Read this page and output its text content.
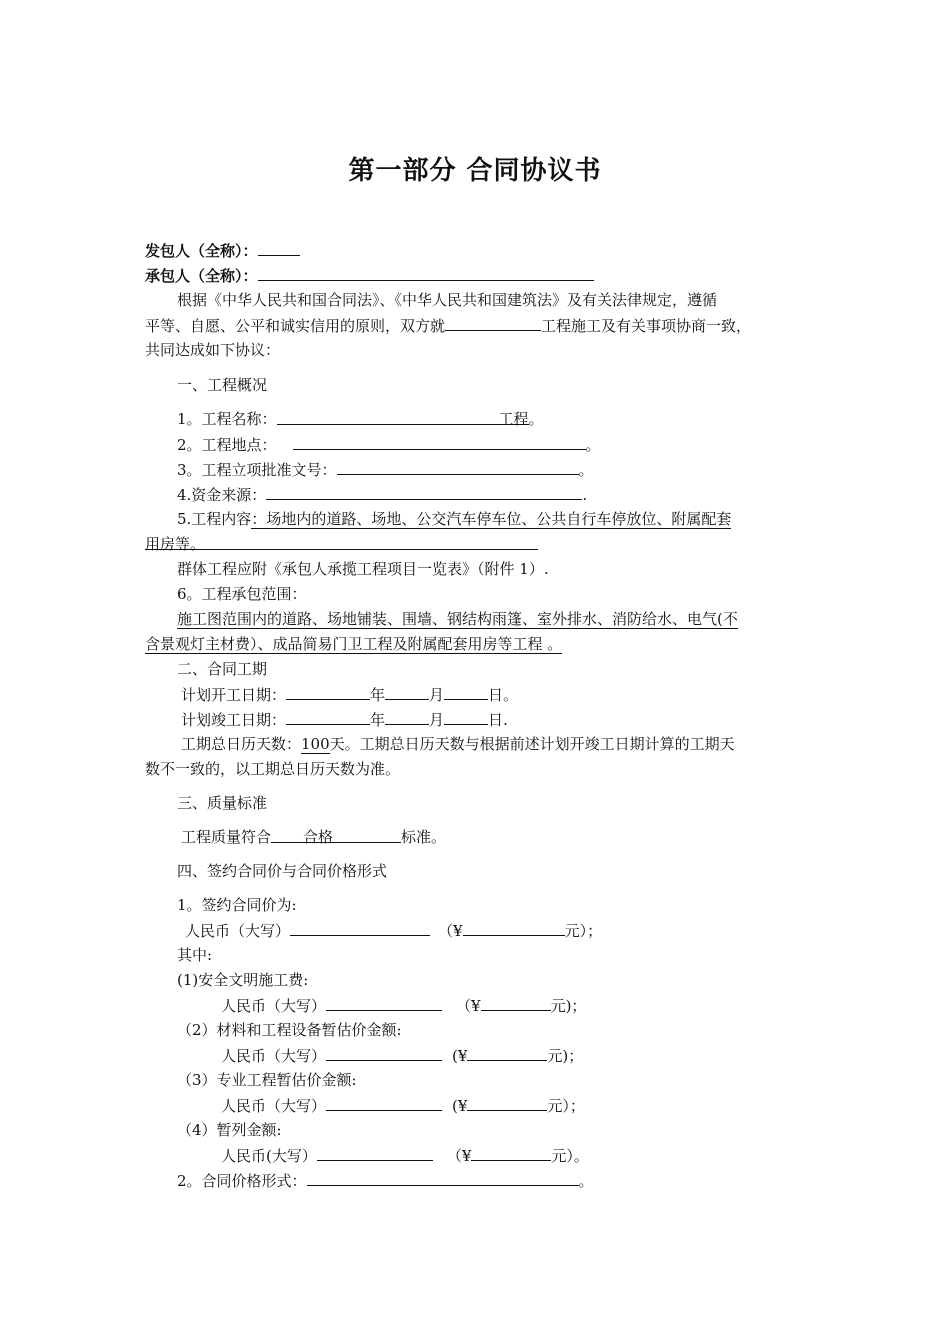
第一部分 合同协议书
发包人（全称）：
承包人（全称）：
根据《中华人民共和国合同法》、《中华人民共和国建筑法》及有关法律规定，遵循
平等、自愿、公平和诚实信用的原则，双方就	工程施工及有关事项协商一致，
共同达成如下协议：
一、工程概况
1。工程名称：	工程。
2。工程地点：	。
3。工程立项批准文号：	。
4.资金来源：	.
5.工程内容：场地内的道路、场地、公交汽车停车位、公共自行车停放位、附属配套
用房等。
群体工程应附《承包人承揽工程项目一览表》（附件 1）.
6。工程承包范围：
施工图范围内的道路、场地铺装、围墙、钢结构雨篷、室外排水、消防给水、电气(不
含景观灯主材费）、成品简易门卫工程及附属配套用房等工程 。
二、合同工期
计划开工日期：	年	月	日。
计划竣工日期：	年	月	日.
工期总日历天数：100天。工期总日历天数与根据前述计划开竣工日期计算的工期天
数不一致的，以工期总日历天数为准。
三、质量标准
工程质量符合 合格	标准。
四、签约合同价与合同价格形式
1。签约合同价为:
人民币（大写）	（¥	元）；
其中:
(1)安全文明施工费:
人民币（大写）	（¥	元)；
（2）材料和工程设备暂估价金额:
人民币（大写）	(¥	元)；
（3）专业工程暂估价金额:
人民币（大写）	(¥	元）；
（4）暂列金额:
人民币(大写）	（¥	元）。
2。合同价格形式：	。
